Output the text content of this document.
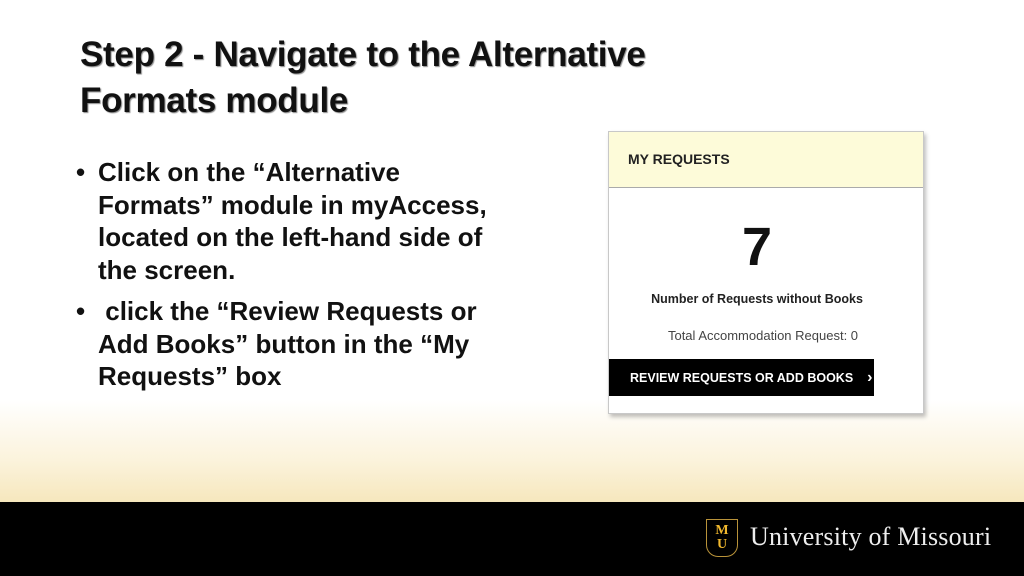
Step 2 - Navigate to the Alternative
Formats module
• Click on the “Alternative Formats” module in myAccess, located on the left-hand side of the screen.
• click the “Review Requests or Add Books” button in the “My Requests” box
MY REQUESTS
7
Number of Requests without Books
Total Accommodation Request: 0
REVIEW REQUESTS OR ADD BOOKS ›
M
U University of Missouri
